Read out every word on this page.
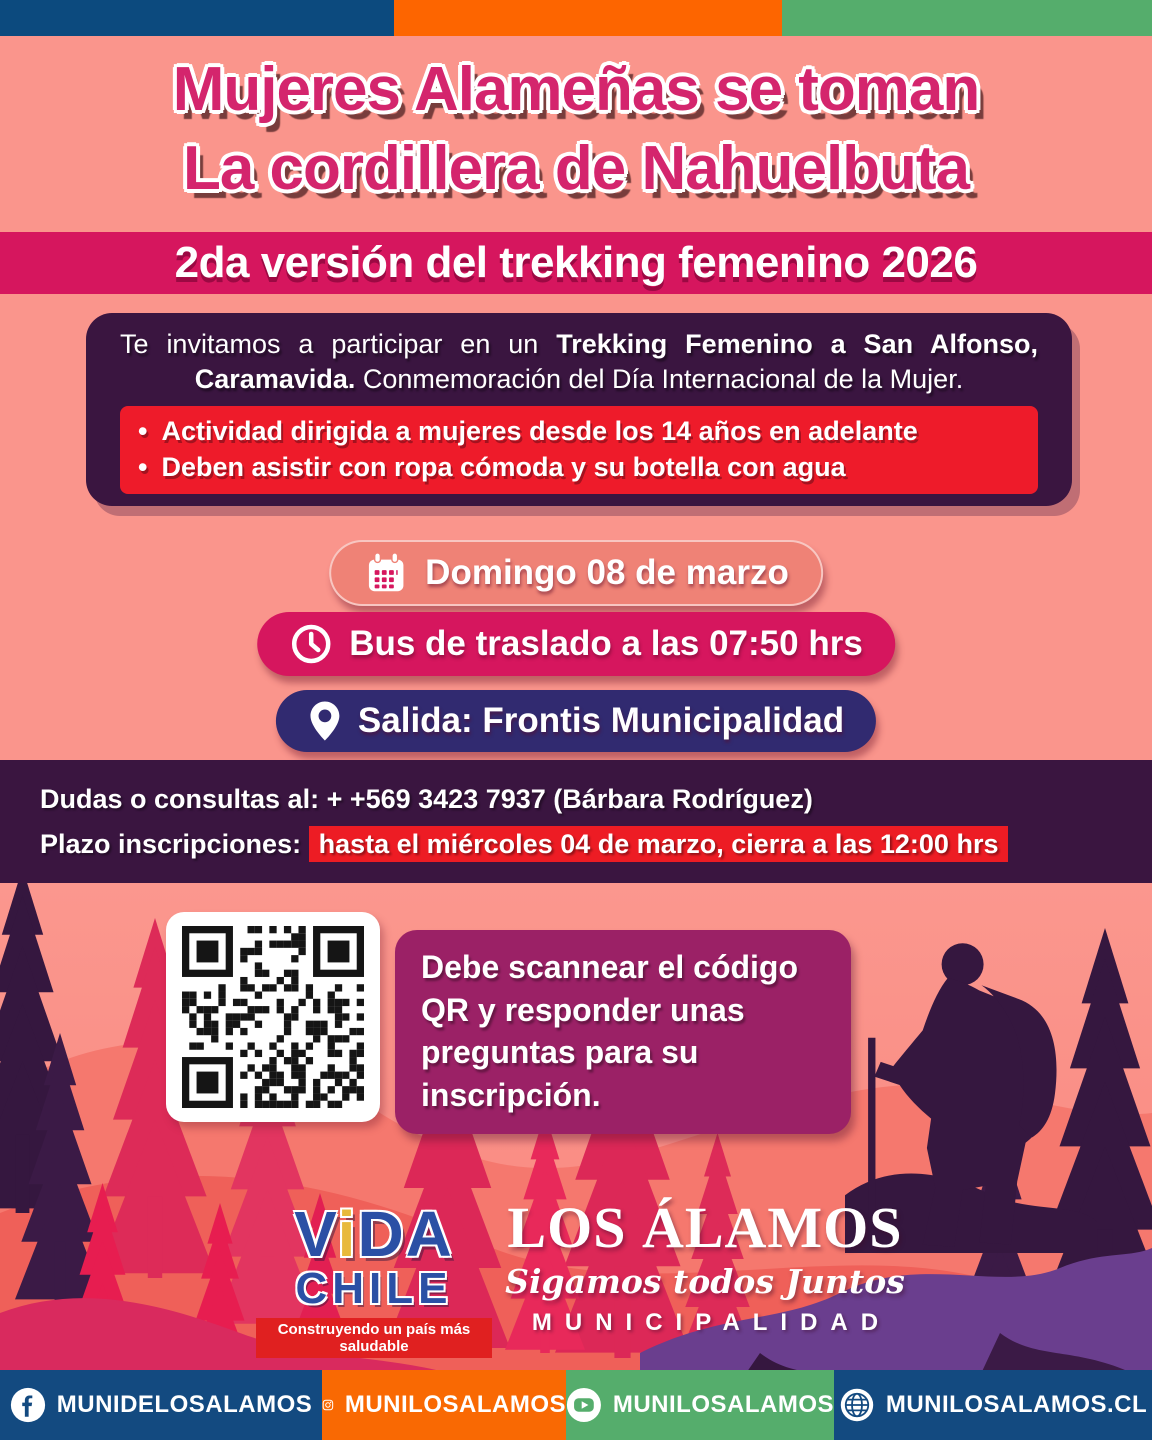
Mujeres Alameñas se toman
La cordillera de Nahuelbuta
2da versión del trekking femenino 2026

Te invitamos a participar en un Trekking Femenino a San Alfonso, Caramavida. Conmemoración del Día Internacional de la Mujer.

• Actividad dirigida a mujeres desde los 14 años en adelante
• Deben asistir con ropa cómoda y su botella con agua
Domingo 08 de marzo
Bus de traslado a las 07:50 hrs
Salida: Frontis Municipalidad
Dudas o consultas al: + +569 3423 7937 (Bárbara Rodríguez)
Plazo inscripciones: hasta el miércoles 04 de marzo, cierra a las 12:00 hrs

Debe scannear el código QR y responder unas preguntas para su inscripción.

ViDA
CHILE
Construyendo un país más saludable
LOS ÁLAMOS
Sigamos todos Juntos
MUNICIPALIDAD
MUNIDELOSALAMOS MUNILOSALAMOS MUNILOSALAMOS MUNILOSALAMOS.CL
